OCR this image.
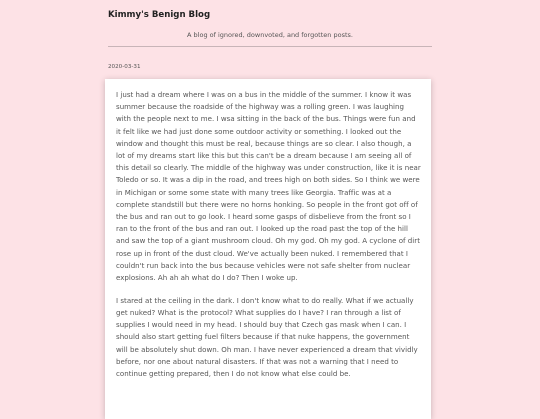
Kimmy's Benign Blog
A blog of ignored, downvoted, and forgotten posts.
2020-03-31

I just had a dream where I was on a bus in the middle of the summer. I know it was summer because the roadside of the highway was a rolling green. I was laughing with the people next to me. I wsa sitting in the back of the bus. Things were fun and it felt like we had just done some outdoor activity or something. I looked out the window and thought this must be real, because things are so clear. I also though, a lot of my dreams start like this but this can't be a dream because I am seeing all of this detail so clearly. The middle of the highway was under construction, like it is near Toledo or so. It was a dip in the road, and trees high on both sides. So I think we were in Michigan or some some state with many trees like Georgia. Traffic was at a complete standstill but there were no horns honking. So people in the front got off of the bus and ran out to go look. I heard some gasps of disbelieve from the front so I ran to the front of the bus and ran out. I looked up the road past the top of the hill and saw the top of a giant mushroom cloud. Oh my god. Oh my god. A cyclone of dirt rose up in front of the dust cloud. We've actually been nuked. I remembered that I couldn't run back into the bus because vehicles were not safe shelter from nuclear explosions. Ah ah ah what do I do? Then I woke up.

I stared at the ceiling in the dark. I don't know what to do really. What if we actually get nuked? What is the protocol? What supplies do I have? I ran through a list of supplies I would need in my head. I should buy that Czech gas mask when I can. I should also start getting fuel filters because if that nuke happens, the government will be absolutely shut down. Oh man. I have never experienced a dream that vividly before, nor one about natural disasters. If that was not a warning that I need to continue getting prepared, then I do not know what else could be.
